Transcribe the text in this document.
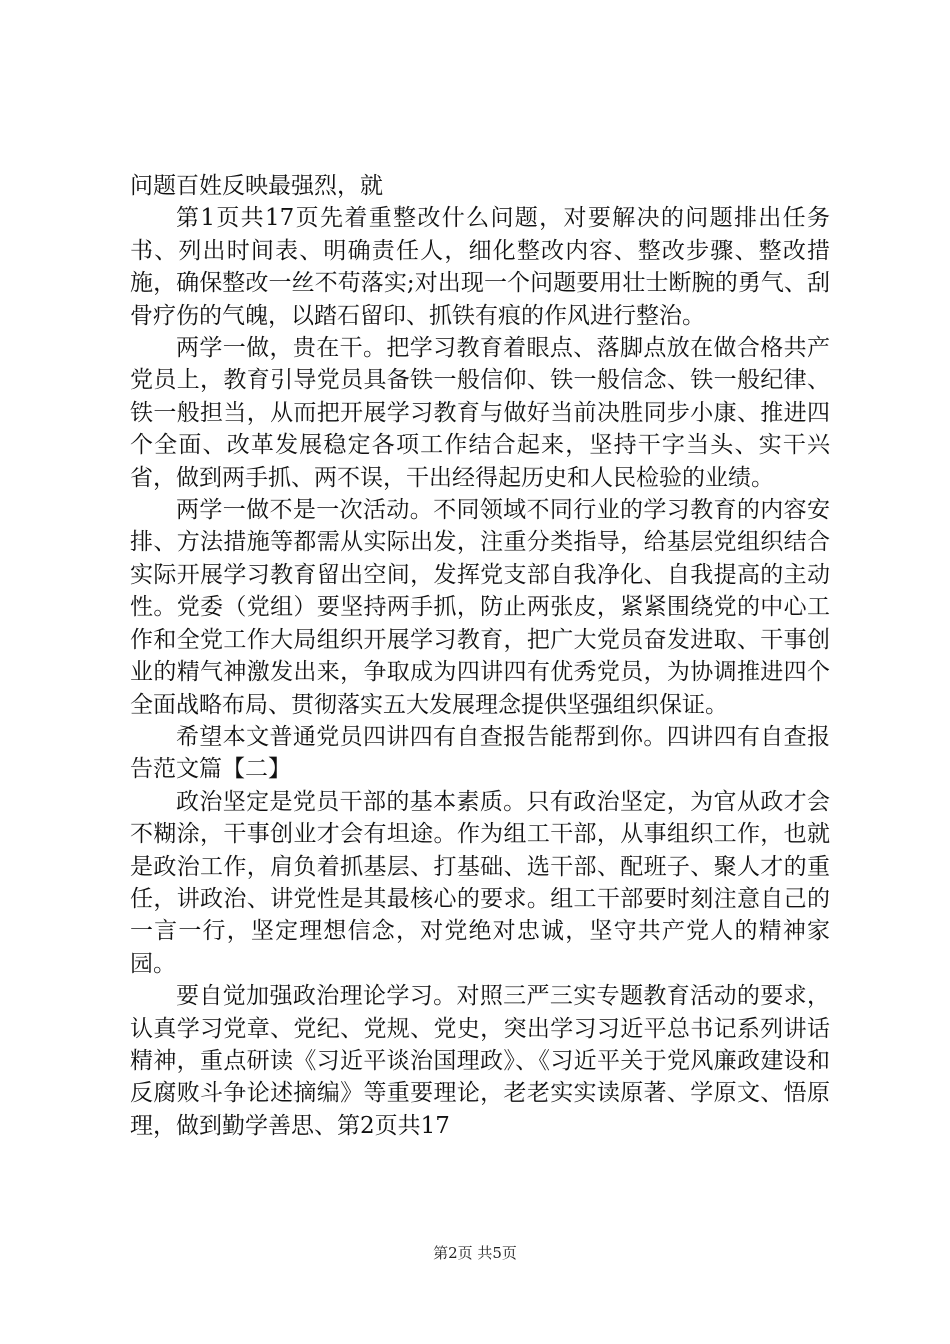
问题百姓反映最强烈，就

第1页共17页先着重整改什么问题，对要解决的问题排出任务书、列出时间表、明确责任人，细化整改内容、整改步骤、整改措施，确保整改一丝不苟落实;对出现一个问题要用壮士断腕的勇气、刮骨疗伤的气魄，以踏石留印、抓铁有痕的作风进行整治。

两学一做，贵在干。把学习教育着眼点、落脚点放在做合格共产党员上，教育引导党员具备铁一般信仰、铁一般信念、铁一般纪律、铁一般担当，从而把开展学习教育与做好当前决胜同步小康、推进四个全面、改革发展稳定各项工作结合起来，坚持干字当头、实干兴省，做到两手抓、两不误，干出经得起历史和人民检验的业绩。

两学一做不是一次活动。不同领域不同行业的学习教育的内容安排、方法措施等都需从实际出发，注重分类指导，给基层党组织结合实际开展学习教育留出空间，发挥党支部自我净化、自我提高的主动性。党委（党组）要坚持两手抓，防止两张皮，紧紧围绕党的中心工作和全党工作大局组织开展学习教育，把广大党员奋发进取、干事创业的精气神激发出来，争取成为四讲四有优秀党员，为协调推进四个全面战略布局、贯彻落实五大发展理念提供坚强组织保证。

希望本文普通党员四讲四有自查报告能帮到你。四讲四有自查报告范文篇【二】

政治坚定是党员干部的基本素质。只有政治坚定，为官从政才会不糊涂，干事创业才会有坦途。作为组工干部，从事组织工作，也就是政治工作，肩负着抓基层、打基础、选干部、配班子、聚人才的重任，讲政治、讲党性是其最核心的要求。组工干部要时刻注意自己的一言一行，坚定理想信念，对党绝对忠诚，坚守共产党人的精神家园。

要自觉加强政治理论学习。对照三严三实专题教育活动的要求，认真学习党章、党纪、党规、党史，突出学习习近平总书记系列讲话精神，重点研读《习近平谈治国理政》、《习近平关于党风廉政建设和反腐败斗争论述摘编》等重要理论，老老实实读原著、学原文、悟原理，做到勤学善思、第2页共17

第2页 共5页
